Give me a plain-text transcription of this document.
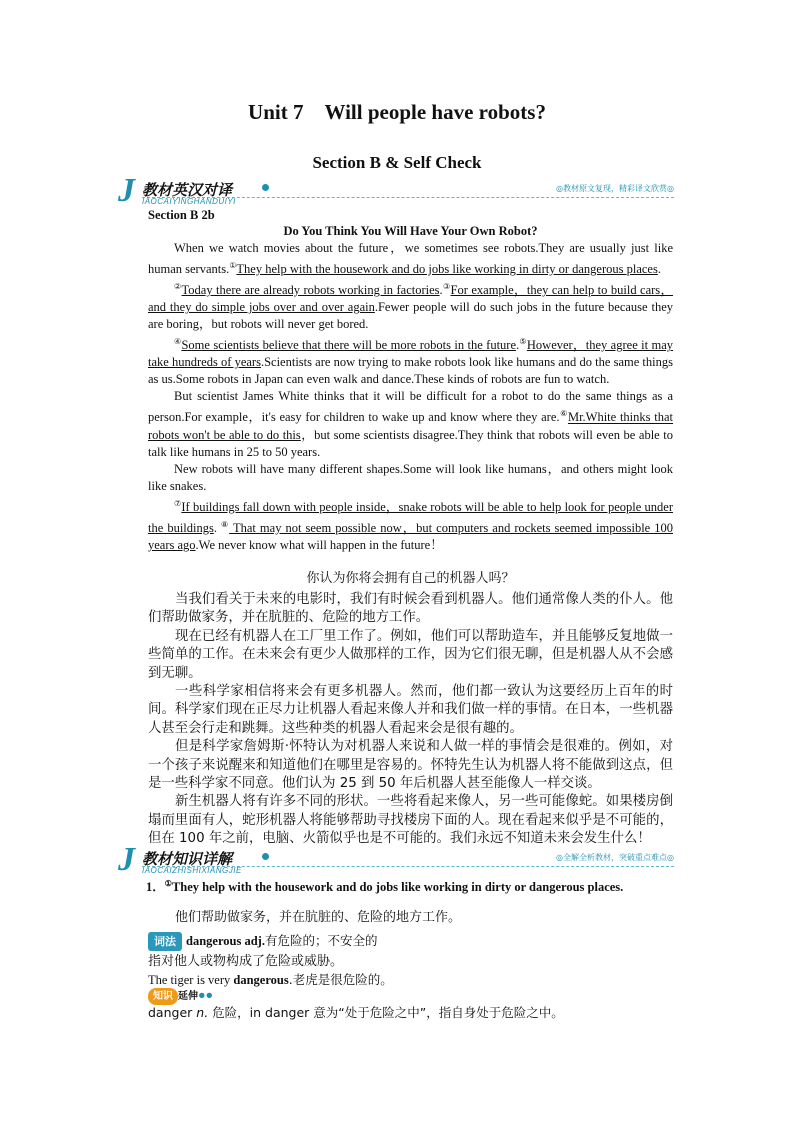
Unit 7　Will people have robots?
Section B & Self Check
J 教材英汉对译
IAOCAIYINGHANDUIYI
◎教材原文复现，精彩译文欣赏◎

Section B 2b

Do You Think You Will Have Your Own Robot?

When we watch movies about the future，we sometimes see robots.They are usually just like human servants.①They help with the housework and do jobs like working in dirty or dangerous places.

②Today there are already robots working in factories.③For example，they can help to build cars，and they do simple jobs over and over again.Fewer people will do such jobs in the future because they are boring，but robots will never get bored.

④Some scientists believe that there will be more robots in the future.⑤However，they agree it may take hundreds of years.Scientists are now trying to make robots look like humans and do the same things as us.Some robots in Japan can even walk and dance.These kinds of robots are fun to watch.

But scientist James White thinks that it will be difficult for a robot to do the same things as a person.For example，it's easy for children to wake up and know where they are.⑥Mr.White thinks that robots won't be able to do this，but some scientists disagree.They think that robots will even be able to talk like humans in 25 to 50 years.

New robots will have many different shapes.Some will look like humans，and others might look like snakes.

⑦If buildings fall down with people inside，snake robots will be able to help look for people under the buildings. ⑧ That may not seem possible now，but computers and rockets seemed impossible 100 years ago.We never know what will happen in the future！

你认为你将会拥有自己的机器人吗？

当我们看关于未来的电影时，我们有时候会看到机器人。他们通常像人类的仆人。他们帮助做家务，并在肮脏的、危险的地方工作。

现在已经有机器人在工厂里工作了。例如，他们可以帮助造车，并且能够反复地做一些简单的工作。在未来会有更少人做那样的工作，因为它们很无聊，但是机器人从不会感到无聊。

一些科学家相信将来会有更多机器人。然而，他们都一致认为这要经历上百年的时间。科学家们现在正尽力让机器人看起来像人并和我们做一样的事情。在日本，一些机器人甚至会行走和跳舞。这些种类的机器人看起来会是很有趣的。

但是科学家詹姆斯·怀特认为对机器人来说和人做一样的事情会是很难的。例如，对一个孩子来说醒来和知道他们在哪里是容易的。怀特先生认为机器人将不能做到这点，但是一些科学家不同意。他们认为 25 到 50 年后机器人甚至能像人一样交谈。

新生机器人将有许多不同的形状。一些将看起来像人，另一些可能像蛇。如果楼房倒塌而里面有人，蛇形机器人将能够帮助寻找楼房下面的人。现在看起来似乎是不可能的，但在 100 年之前，电脑、火箭似乎也是不可能的。我们永远不知道未来会发生什么！

J 教材知识详解
IAOCAIZHISHIXIANGJIE
◎全解全析教材，突破重点难点◎

1．①They help with the housework and do jobs like working in dirty or dangerous places.

他们帮助做家务，并在肮脏的、危险的地方工作。

词法 dangerous adj.有危险的；不安全的

指对他人或物构成了危险或威胁。

The tiger is very dangerous.老虎是很危险的。

知识 延伸●●

danger n. 危险，in danger 意为“处于危险之中”，指自身处于危险之中。
